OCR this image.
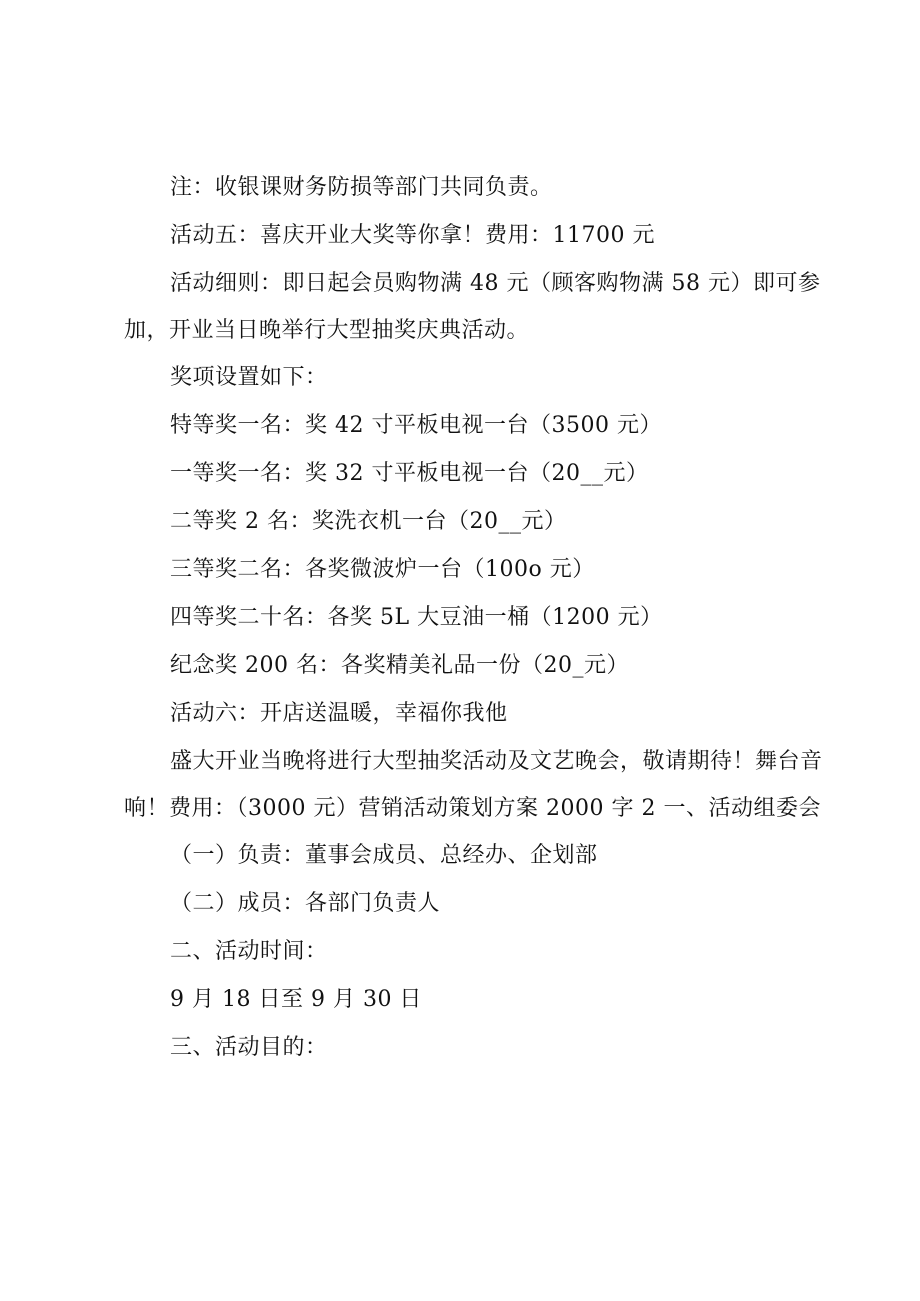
注：收银课财务防损等部门共同负责。

活动五：喜庆开业大奖等你拿！费用：11700 元

活动细则：即日起会员购物满 48 元（顾客购物满 58 元）即可参加，开业当日晚举行大型抽奖庆典活动。

奖项设置如下：

特等奖一名：奖 42 寸平板电视一台（3500 元）

一等奖一名：奖 32 寸平板电视一台（20__元）

二等奖 2 名：奖洗衣机一台（20__元）

三等奖二名：各奖微波炉一台（100o 元）

四等奖二十名：各奖 5L 大豆油一桶（1200 元）

纪念奖 200 名：各奖精美礼品一份（20_元）

活动六：开店送温暖，幸福你我他

盛大开业当晚将进行大型抽奖活动及文艺晚会，敬请期待！舞台音响！费用：（3000 元）营销活动策划方案 2000 字 2 一、活动组委会

（一）负责：董事会成员、总经办、企划部

（二）成员：各部门负责人

二、活动时间：

9 月 18 日至 9 月 30 日

三、活动目的：
